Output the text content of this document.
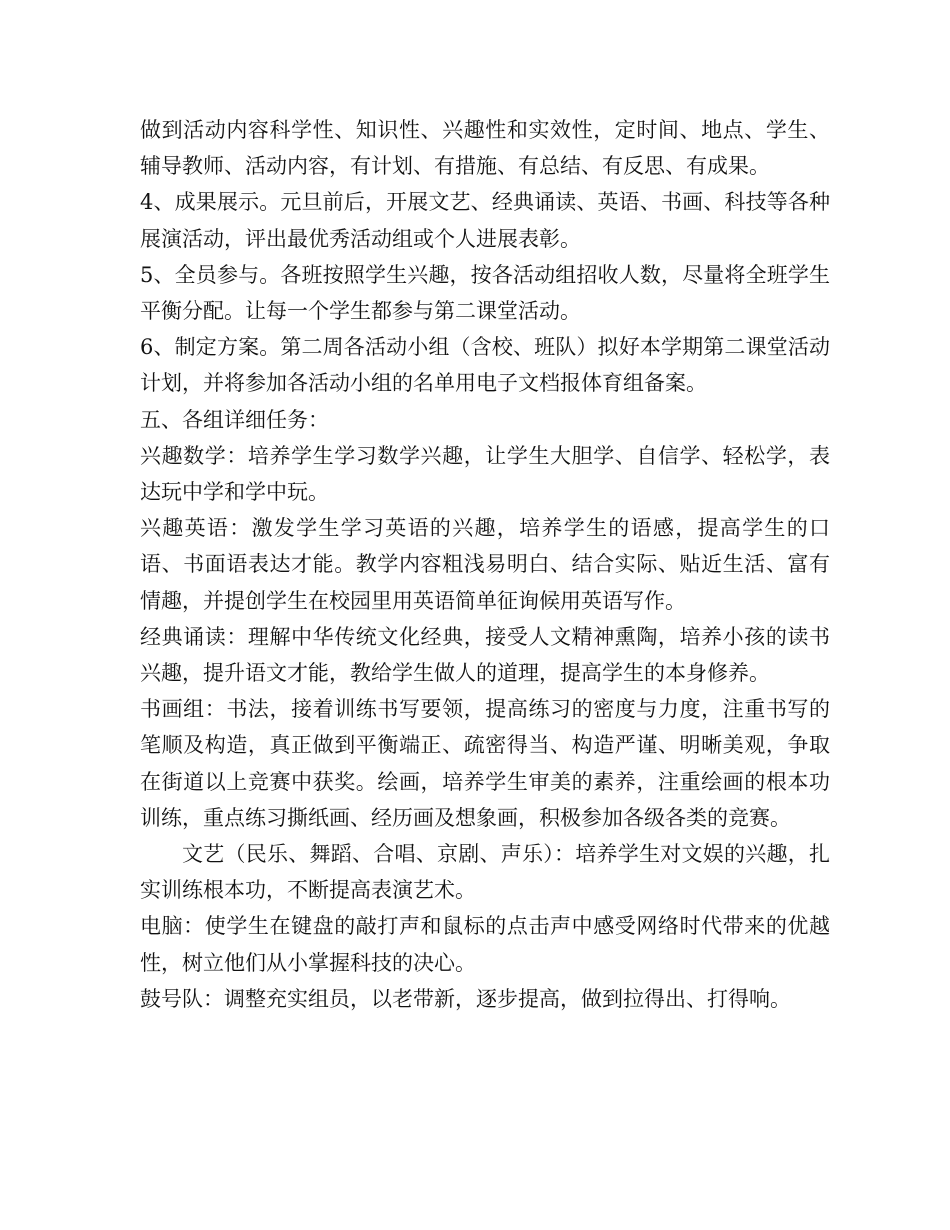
做到活动内容科学性、知识性、兴趣性和实效性，定时间、地点、学生、辅导教师、活动内容，有计划、有措施、有总结、有反思、有成果。

4、成果展示。元旦前后，开展文艺、经典诵读、英语、书画、科技等各种展演活动，评出最优秀活动组或个人进展表彰。

5、全员参与。各班按照学生兴趣，按各活动组招收人数，尽量将全班学生平衡分配。让每一个学生都参与第二课堂活动。

6、制定方案。第二周各活动小组（含校、班队）拟好本学期第二课堂活动计划，并将参加各活动小组的名单用电子文档报体育组备案。

五、各组详细任务：

兴趣数学：培养学生学习数学兴趣，让学生大胆学、自信学、轻松学，表达玩中学和学中玩。

兴趣英语：激发学生学习英语的兴趣，培养学生的语感，提高学生的口语、书面语表达才能。教学内容粗浅易明白、结合实际、贴近生活、富有情趣，并提创学生在校园里用英语简单征询候用英语写作。

经典诵读：理解中华传统文化经典，接受人文精神熏陶，培养小孩的读书兴趣，提升语文才能，教给学生做人的道理，提高学生的本身修养。

书画组：书法，接着训练书写要领，提高练习的密度与力度，注重书写的笔顺及构造，真正做到平衡端正、疏密得当、构造严谨、明晰美观，争取在街道以上竞赛中获奖。绘画，培养学生审美的素养，注重绘画的根本功训练，重点练习撕纸画、经历画及想象画，积极参加各级各类的竞赛。

文艺（民乐、舞蹈、合唱、京剧、声乐）：培养学生对文娱的兴趣，扎实训练根本功，不断提高表演艺术。

电脑：使学生在键盘的敲打声和鼠标的点击声中感受网络时代带来的优越性，树立他们从小掌握科技的决心。

鼓号队：调整充实组员，以老带新，逐步提高，做到拉得出、打得响。
